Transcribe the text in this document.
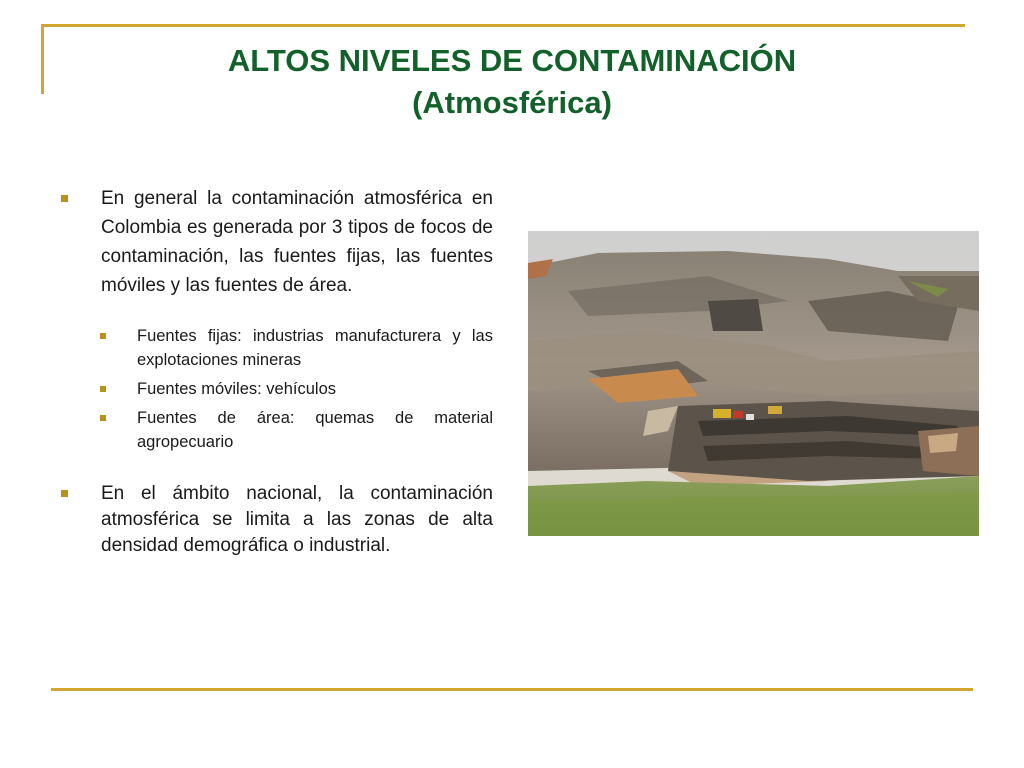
ALTOS NIVELES DE CONTAMINACIÓN
(Atmosférica)
En general la contaminación atmosférica en Colombia es generada por 3 tipos de focos de contaminación, las fuentes fijas, las fuentes móviles y las fuentes de área.
Fuentes fijas: industrias manufacturera y las explotaciones mineras
Fuentes móviles: vehículos
Fuentes de área: quemas de material agropecuario
En el ámbito nacional, la contaminación atmosférica se limita a las zonas de alta densidad demográfica o industrial.
